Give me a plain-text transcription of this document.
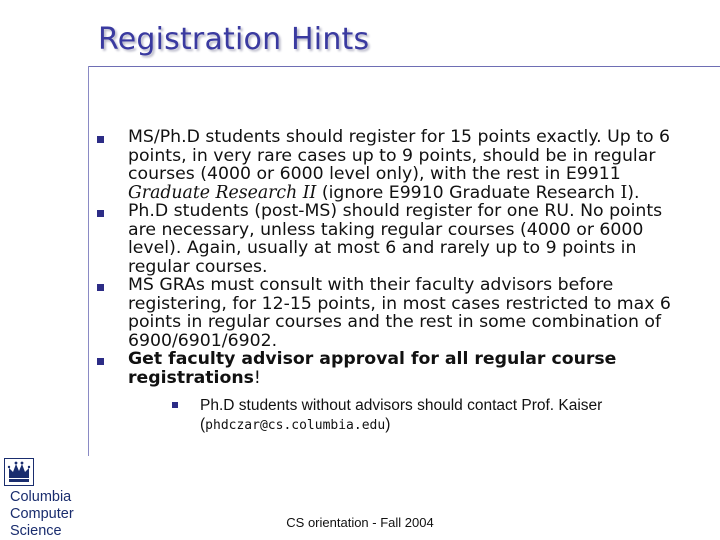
Registration Hints
MS/Ph.D students should register for 15 points exactly. Up to 6 points, in very rare cases up to 9 points, should be in regular courses (4000 or 6000 level only), with the rest in E9911 Graduate Research II (ignore E9910 Graduate Research I).
Ph.D students (post-MS) should register for one RU. No points are necessary, unless taking regular courses (4000 or 6000 level). Again, usually at most 6 and rarely up to 9 points in regular courses.
MS GRAs must consult with their faculty advisors before registering, for 12-15 points, in most cases restricted to max 6 points in regular courses and the rest in some combination of 6900/6901/6902.
Get faculty advisor approval for all regular course registrations!
Ph.D students without advisors should contact Prof. Kaiser (phdczar@cs.columbia.edu)
Columbia
Computer
Science
CS orientation - Fall 2004
